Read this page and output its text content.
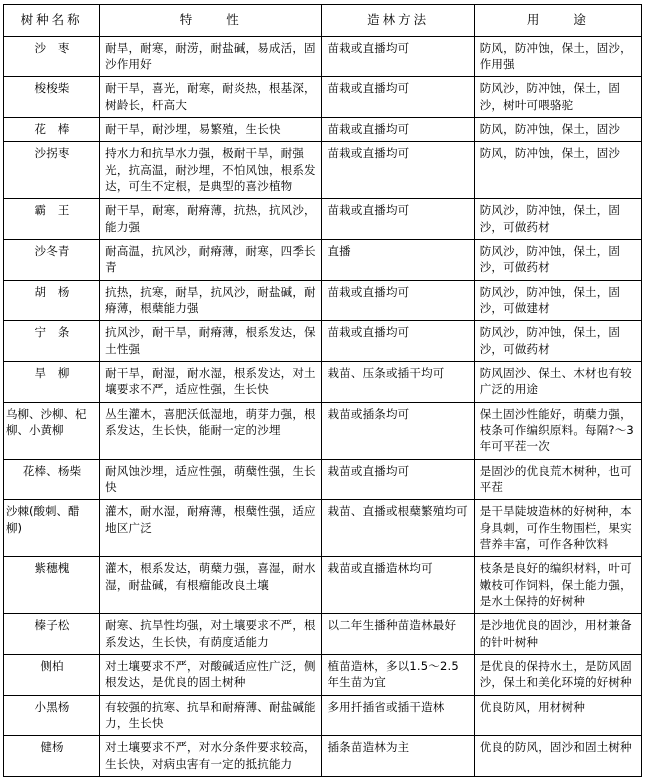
树种名称	特　　性	造林方法	用　　途
沙　枣	耐旱，耐寒，耐涝，耐盐碱，易成活，固沙作用好	苗栽或直播均可	防风，防冲蚀，保土，固沙，作用强
梭梭柴	耐干旱，喜光，耐寒，耐炎热，根基深，树龄长，杆高大	苗栽或直播均可	防风沙，防冲蚀，保土，固沙，树叶可喂骆驼
花　棒	耐干旱，耐沙埋，易繁殖，生长快	苗栽或直播均可	防风，防冲蚀，保土，固沙
沙拐枣	持水力和抗旱水力强，极耐干旱，耐强光，抗高温，耐沙埋，不怕风蚀，根系发达，可生不定根，是典型的喜沙植物	苗栽或直播均可	防风，防冲蚀，保土，固沙
霸　王	耐干旱，耐寒，耐瘠薄，抗热，抗风沙，能力强	苗栽或直播均可	防风沙，防冲蚀，保土，固沙，可做药材
沙冬青	耐高温，抗风沙，耐瘠薄，耐寒，四季长青	直播	防风沙，防冲蚀，保土，固沙，可做药材
胡　杨	抗热，抗寒，耐旱，抗风沙，耐盐碱，耐瘠薄，根蘖能力强	苗栽或直播均可	防风沙，防冲蚀，保土，固沙，可做建材
宁　条	抗风沙，耐干旱，耐瘠薄，根系发达，保土性强	苗栽或直播均可	防风沙，防冲蚀，保土，固沙，可做药材
旱　柳	耐干旱，耐湿，耐水湿，根系发达，对土壤要求不严，适应性强，生长快	栽苗、压条或插干均可	防风固沙、保土、木材也有较广泛的用途
乌柳、沙柳、杞柳、小黄柳	丛生灌木，喜肥沃低湿地，萌芽力强，根系发达，生长快，能耐一定的沙埋	栽苗或插条均可	保土固沙性能好，萌蘖力强，枝条可作编织原料。每隔?～3年可平茬一次
花棒、杨柴	耐风蚀沙埋，适应性强，萌蘖性强，生长快	栽苗或直播均可	是固沙的优良荒木树种，也可平茬
沙棘(酸刺、醋柳)	灌木，耐水湿，耐瘠薄，根蘖性强，适应地区广泛	栽苗、直播或根蘖繁殖均可	是干旱陡坡造林的好树种，本身具刺，可作生物围栏，果实营养丰富，可作各种饮料
紫穗槐	灌木，根系发达，萌蘖力强，喜湿，耐水湿，耐盐碱，有根瘤能改良土壤	栽苗或直播造林均可	枝条是良好的编织材料，叶可嫩枝可作饲料，保土能力强，是水土保持的好树种
榛子松	耐寒、抗旱性均强，对土壤要求不严，根系发达，生长快，有荫度适能力	以二年生播种苗造林最好	是沙地优良的固沙，用材兼备的针叶树种
侧柏	对土壤要求不严，对酸碱适应性广泛，侧根发达，是优良的固土树种	植苗造林，多以1.5～2.5年生苗为宜	是优良的保持水土，是防风固沙，保土和美化环境的好树种
小黑杨	有较强的抗寒、抗旱和耐瘠薄、耐盐碱能力，生长快	多用扦插省或插干造林	优良防风，用材树种
健杨	对土壤要求不严，对水分条件要求较高，生长快，对病虫害有一定的抵抗能力	插条苗造林为主	优良的防风，固沙和固土树种
